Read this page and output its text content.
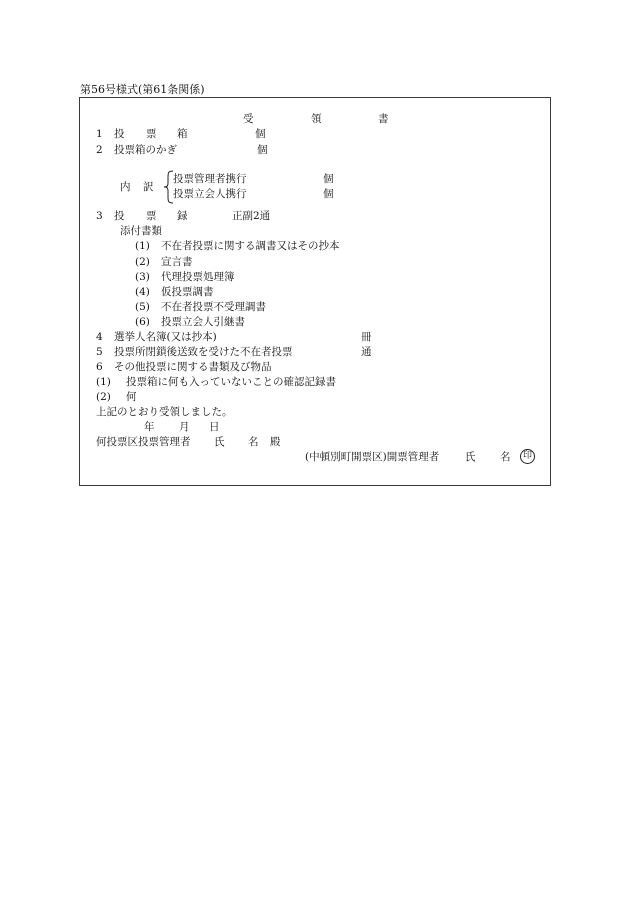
第56号様式(第61条関係)
受	領	書
1 投 票 箱	個
2 投票箱のかぎ	個
内 訳
投票管理者携行	個
投票立会人携行	個
3 投 票 録	正副2通
添付書類
(1) 不在者投票に関する調書又はその抄本
(2) 宣言書
(3) 代理投票処理簿
(4) 仮投票調書
(5) 不在者投票不受理調書
(6) 投票立会人引継書
4 選挙人名簿(又は抄本)	冊
5 投票所閉鎖後送致を受けた不在者投票	通
6 その他投票に関する書類及び物品
(1) 投票箱に何も入っていないことの確認記録書
(2) 何
上記のとおり受領しました。
年 月 日
何投票区投票管理者 氏 名 殿
(中頓別町開票区)開票管理者 氏 名	印
